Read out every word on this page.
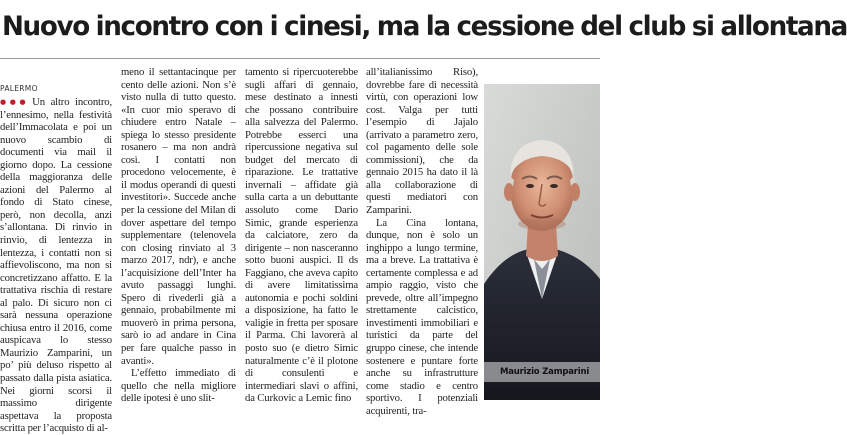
Nuovo incontro con i cinesi, ma la cessione del club si allontana
PALERMO

●●● Un altro incontro, l’ennesimo, nella festività dell’Immacolata e poi un nuovo scambio di documenti via mail il giorno dopo. La cessione della maggioranza delle azioni del Palermo al fondo di Stato cinese, però, non decolla, anzi s’allontana. Di rinvio in rinvio, di lentezza in lentezza, i contatti non si affievoliscono, ma non si concretizzano affatto. E la trattativa rischia di restare al palo. Di sicuro non ci sarà nessuna operazione chiusa entro il 2016, come auspicava lo stesso Maurizio Zamparini, un po’ più deluso rispetto al passato dalla pista asiatica. Nei giorni scorsi il massimo dirigente aspettava la proposta scritta per l’acquisto di al-

meno il settantacinque per cento delle azioni. Non s’è visto nulla di tutto questo. «In cuor mio speravo di chiudere entro Natale – spiega lo stesso presidente rosanero – ma non andrà così. I contatti non procedono velocemente, è il modus operandi di questi investitori». Succede anche per la cessione del Milan di dover aspettare del tempo supplementare (telenovela con closing rinviato al 3 marzo 2017, ndr), e anche l’acquisizione dell’Inter ha avuto passaggi lunghi. Spero di rivederli già a gennaio, probabilmente mi muoverò in prima persona, sarò io ad andare in Cina per fare qualche passo in avanti».

L’effetto immediato di quello che nella migliore delle ipotesi è uno slit-

tamento si ripercuoterebbe sugli affari di gennaio, mese destinato a innesti che possano contribuire alla salvezza del Palermo. Potrebbe esserci una ripercussione negativa sul budget del mercato di riparazione. Le trattative invernali – affidate già sulla carta a un debuttante assoluto come Dario Simic, grande esperienza da calciatore, zero da dirigente – non nasceranno sotto buoni auspici. Il ds Faggiano, che aveva capito di avere limitatissima autonomia e pochi soldini a disposizione, ha fatto le valigie in fretta per sposare il Parma. Chi lavorerà al posto suo (e dietro Simic naturalmente c’è il plotone di consulenti e intermediari slavi o affini, da Curkovic a Lemic fino

all’italianissimo Riso), dovrebbe fare di necessità virtù, con operazioni low cost. Valga per tutti l’esempio di Jajalo (arrivato a parametro zero, col pagamento delle sole commissioni), che da gennaio 2015 ha dato il là alla collaborazione di questi mediatori con Zamparini.

La Cina lontana, dunque, non è solo un inghippo a lungo termine, ma a breve. La trattativa è certamente complessa e ad ampio raggio, visto che prevede, oltre all’impegno strettamente calcistico, investimenti immobiliari e turistici da parte del gruppo cinese, che intende sostenere e puntare forte anche su infrastrutture come stadio e centro sportivo. I potenziali acquirenti, tra-

Maurizio Zamparini
